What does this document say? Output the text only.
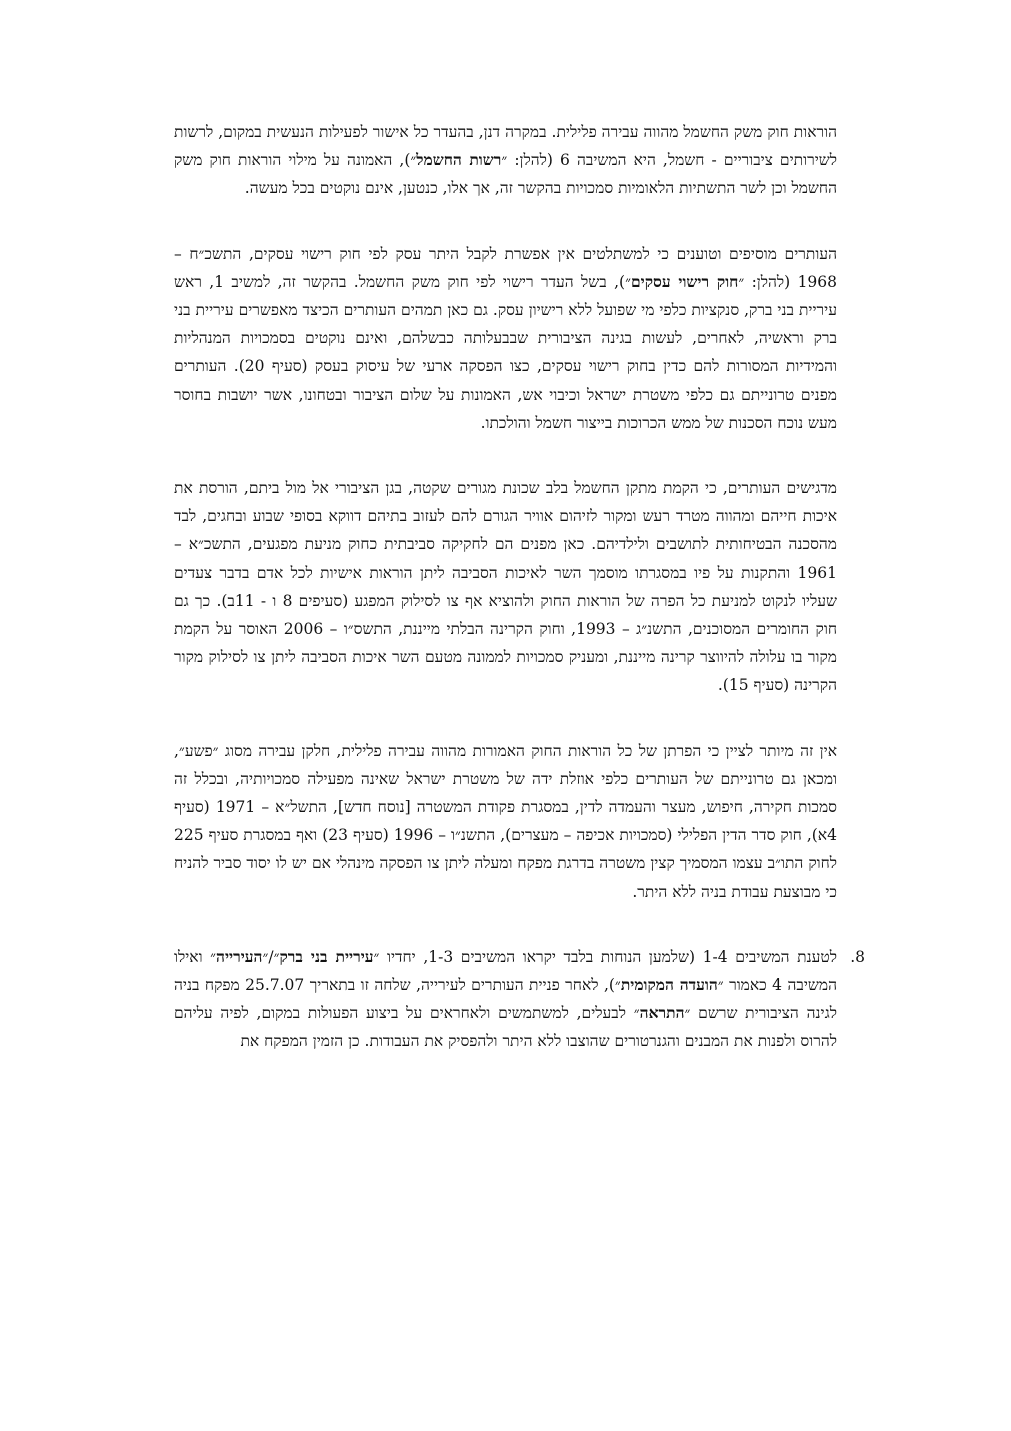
הוראות חוק משק החשמל מהווה עבירה פלילית. במקרה דנן, בהעדר כל אישור לפעילות הנעשית במקום, לרשות לשירותים ציבוריים - חשמל, היא המשיבה 6 (להלן: ״רשות החשמל״), האמונה על מילוי הוראות חוק משק החשמל וכן לשר התשתיות הלאומיות סמכויות בהקשר זה, אך אלו, כנטען, אינם נוקטים בכל מעשה.

העותרים מוסיפים וטוענים כי למשתלטים אין אפשרת לקבל היתר עסק לפי חוק רישוי עסקים, התשכ״ח – 1968 (להלן: ״חוק רישוי עסקים״), בשל העדר רישוי לפי חוק משק החשמל. בהקשר זה, למשיב 1, ראש עיריית בני ברק, סנקציות כלפי מי שפועל ללא רישיון עסק. גם כאן תמהים העותרים הכיצד מאפשרים עיריית בני ברק וראשיה, לאחרים, לעשות בגינה הציבורית שבבעלותה כבשלהם, ואינם נוקטים בסמכויות המנהליות והמידיות המסורות להם כדין בחוק רישוי עסקים, כצו הפסקה ארעי של עיסוק בעסק (סעיף 20). העותרים מפנים טרונייתם גם כלפי משטרת ישראל וכיבוי אש, האמונות על שלום הציבור ובטחונו, אשר יושבות בחוסר מעש נוכח הסכנות של ממש הכרוכות בייצור חשמל והולכתו.

מדגישים העותרים, כי הקמת מתקן החשמל בלב שכונת מגורים שקטה, בגן הציבורי אל מול ביתם, הורסת את איכות חייהם ומהווה מטרד רעש ומקור לזיהום אוויר הגורם להם לעזוב בתיהם דווקא בסופי שבוע ובחגים, לבד מהסכנה הבטיחותית לתושבים ולילדיהם. כאן מפנים הם לחקיקה סביבתית כחוק מניעת מפגעים, התשכ״א – 1961 והתקנות על פיו במסגרתו מוסמך השר לאיכות הסביבה ליתן הוראות אישיות לכל אדם בדבר צעדים שעליו לנקוט למניעת כל הפרה של הוראות החוק ולהוציא אף צו לסילוק המפגע (סעיפים 8 ו - 11ב). כך גם חוק החומרים המסוכנים, התשנ״ג – 1993, וחוק הקרינה הבלתי מייננת, התשס״ו – 2006 האוסר על הקמת מקור בו עלולה להיווצר קרינה מייננת, ומעניק סמכויות לממונה מטעם השר איכות הסביבה ליתן צו לסילוק מקור הקרינה (סעיף 15).

אין זה מיותר לציין כי הפרתן של כל הוראות החוק האמורות מהווה עבירה פלילית, חלקן עבירה מסוג ״פשע״, ומכאן גם טרונייתם של העותרים כלפי אוזלת ידה של משטרת ישראל שאינה מפעילה סמכויותיה, ובכלל זה סמכות חקירה, חיפוש, מעצר והעמדה לדין, במסגרת פקודת המשטרה [נוסח חדש], התשל״א – 1971 (סעיף 4א), חוק סדר הדין הפלילי (סמכויות אכיפה – מעצרים), התשנ״ו – 1996 (סעיף 23) ואף במסגרת סעיף 225 לחוק התו״ב עצמו המסמיך קצין משטרה בדרגת מפקח ומעלה ליתן צו הפסקה מינהלי אם יש לו יסוד סביר להניח כי מבוצעת עבודת בניה ללא היתר.

.8
לטענת המשיבים 1-4 (שלמען הנוחות בלבד יקראו המשיבים 1-3, יחדיו ״עיריית בני ברק״/״העירייה״ ואילו המשיבה 4 כאמור ״הועדה המקומית״), לאחר פניית העותרים לעירייה, שלחה זו בתאריך 25.7.07 מפקח בניה לגינה הציבורית שרשם ״התראה״ לבעלים, למשתמשים ולאחראים על ביצוע הפעולות במקום, לפיה עליהם להרוס ולפנות את המבנים והגנרטורים שהוצבו ללא היתר ולהפסיק את העבודות. כן הזמין המפקח את
